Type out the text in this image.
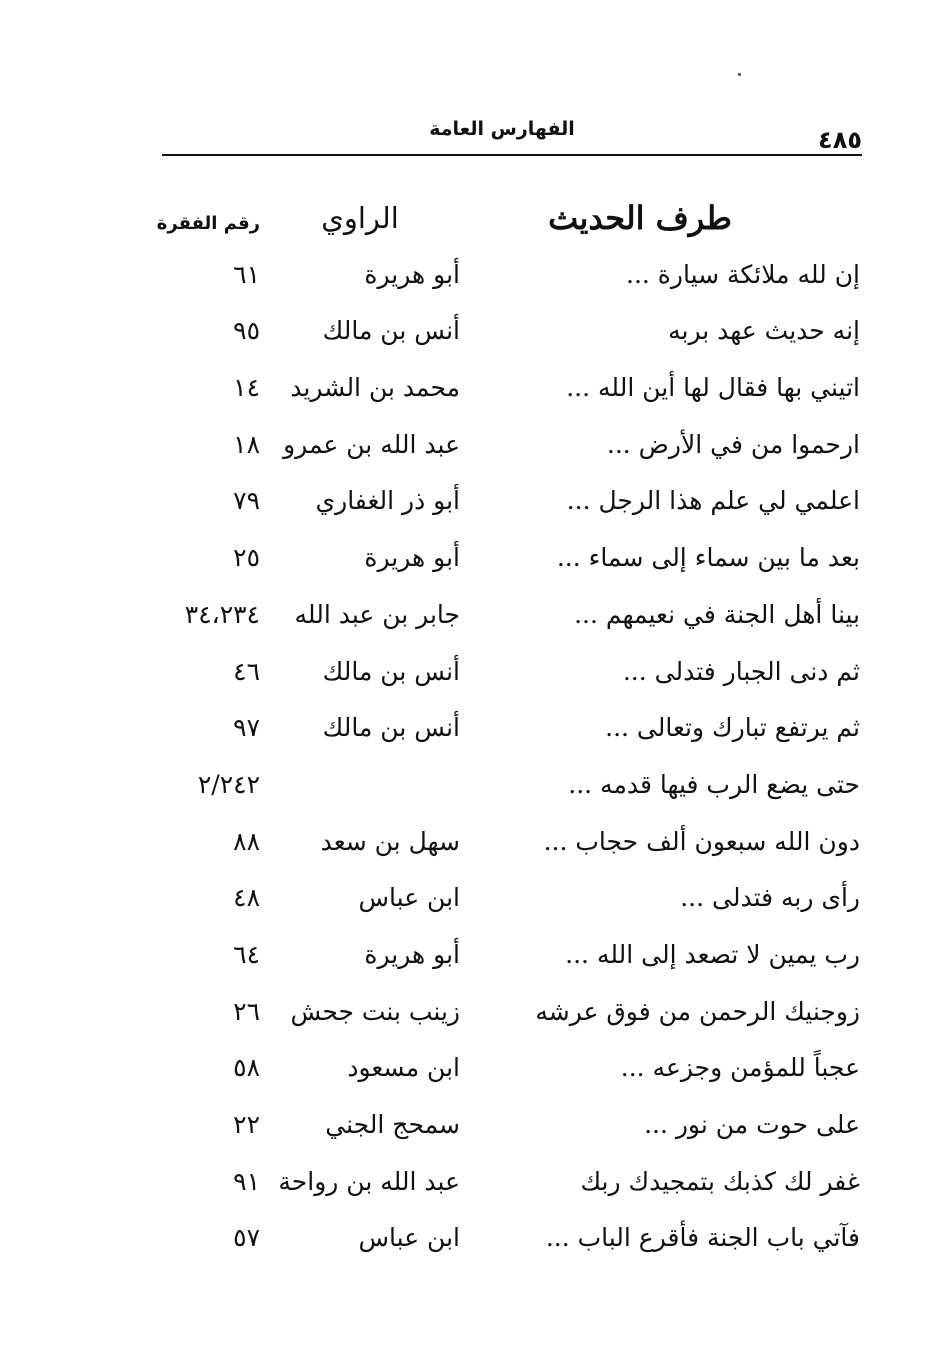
الفهارس العامة	٤٨٥
طرف الحديث
الراوي
رقم الفقرة
إن لله ملائكة سيارة ...
أبو هريرة
٦١
إنه حديث عهد بربه
أنس بن مالك
٩٥
اتيني بها فقال لها أين الله ...
محمد بن الشريد
١٤
ارحموا من في الأرض ...
عبد الله بن عمرو
١٨
اعلمي لي علم هذا الرجل ...
أبو ذر الغفاري
٧٩
بعد ما بين سماء إلى سماء ...
أبو هريرة
٢٥
بينا أهل الجنة في نعيمهم ...
جابر بن عبد الله
٣٤،٢٣٤
ثم دنى الجبار فتدلى ...
أنس بن مالك
٤٦
ثم يرتفع تبارك وتعالى ...
أنس بن مالك
٩٧
حتى يضع الرب فيها قدمه ...
٢/٢٤٢
دون الله سبعون ألف حجاب ...
سهل بن سعد
٨٨
رأى ربه فتدلى ...
ابن عباس
٤٨
رب يمين لا تصعد إلى الله ...
أبو هريرة
٦٤
زوجنيك الرحمن من فوق عرشه
زينب بنت جحش
٢٦
عجباً للمؤمن وجزعه ...
ابن مسعود
٥٨
على حوت من نور ...
سمحج الجني
٢٢
غفر لك كذبك بتمجيدك ربك
عبد الله بن رواحة
٩١
فآتي باب الجنة فأقرع الباب ...
ابن عباس
٥٧
